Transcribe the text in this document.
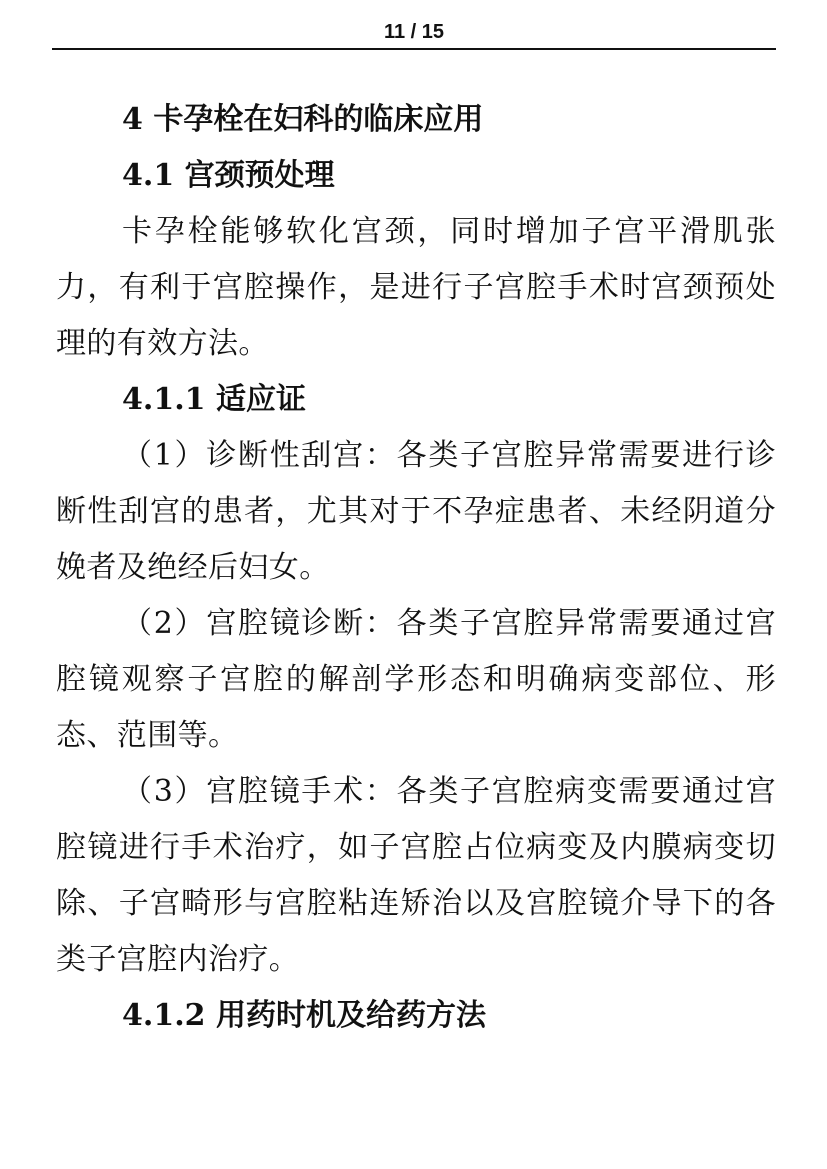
11 / 15
4 卡孕栓在妇科的临床应用
4.1 宫颈预处理

卡孕栓能够软化宫颈，同时增加子宫平滑肌张力，有利于宫腔操作，是进行子宫腔手术时宫颈预处理的有效方法。

4.1.1 适应证

（1）诊断性刮宫：各类子宫腔异常需要进行诊断性刮宫的患者，尤其对于不孕症患者、未经阴道分娩者及绝经后妇女。

（2）宫腔镜诊断：各类子宫腔异常需要通过宫腔镜观察子宫腔的解剖学形态和明确病变部位、形态、范围等。

（3）宫腔镜手术：各类子宫腔病变需要通过宫腔镜进行手术治疗，如子宫腔占位病变及内膜病变切除、子宫畸形与宫腔粘连矫治以及宫腔镜介导下的各类子宫腔内治疗。

4.1.2 用药时机及给药方法
